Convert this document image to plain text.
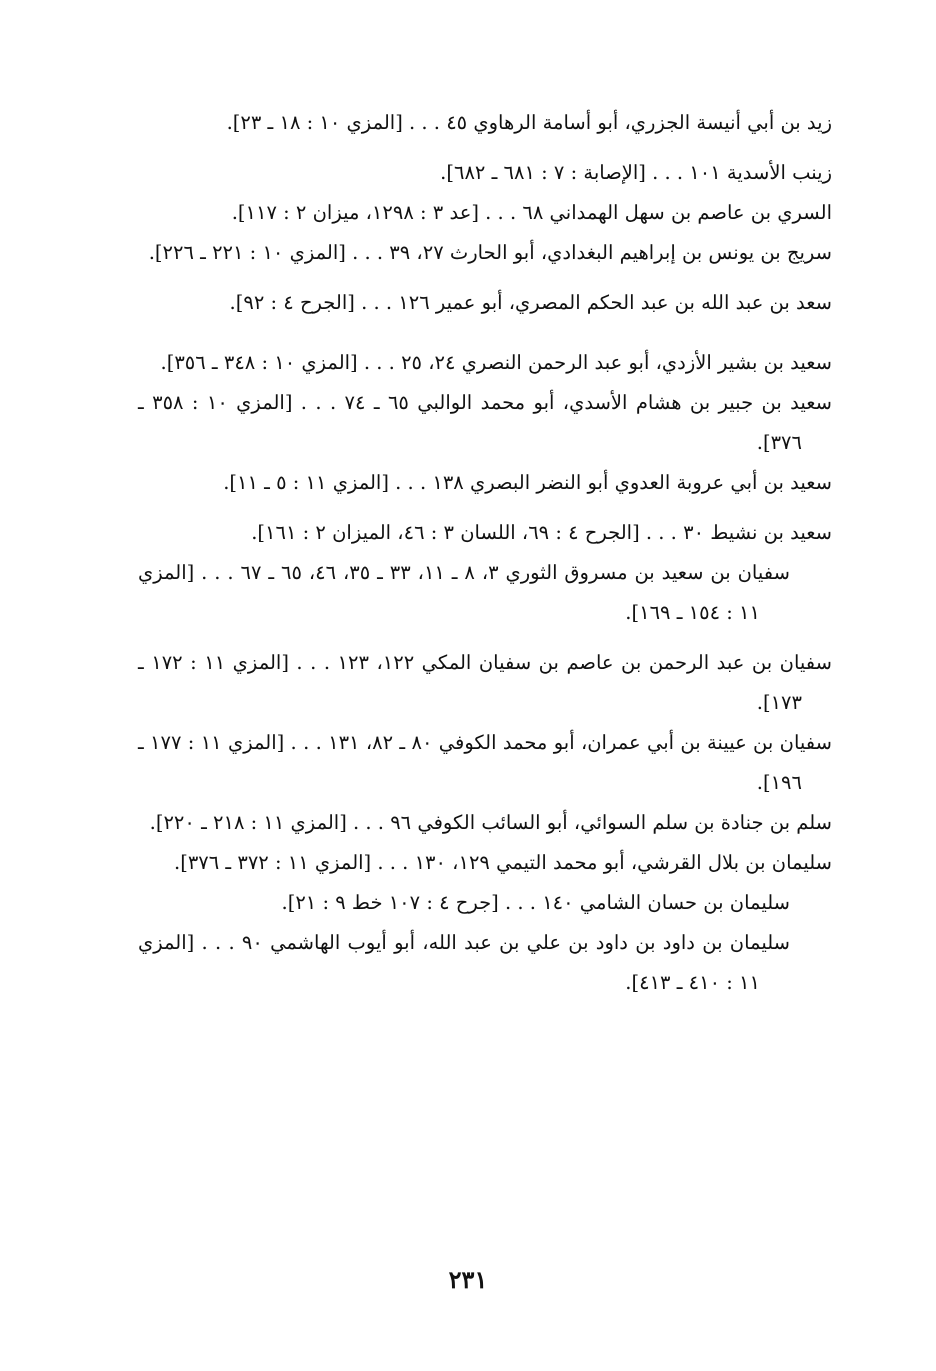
زيد بن أبي أنيسة الجزري، أبو أسامة الرهاوي ٤٥ . . . [المزي ١٠ : ١٨ ـ ٢٣].

زينب الأسدية ١٠١ . . . [الإصابة : ٧ : ٦٨١ ـ ٦٨٢].

السري بن عاصم بن سهل الهمداني ٦٨ . . . [عد ٣ : ١٢٩٨، ميزان ٢ : ١١٧].

سريج بن يونس بن إبراهيم البغدادي، أبو الحارث ٢٧، ٣٩ . . . [المزي ١٠ : ٢٢١ ـ ٢٢٦].

سعد بن عبد الله بن عبد الحكم المصري، أبو عمير ١٢٦ . . . [الجرح ٤ : ٩٢].

سعيد بن بشير الأزدي، أبو عبد الرحمن النصري ٢٤، ٢٥ . . . [المزي ١٠ : ٣٤٨ ـ ٣٥٦].

سعيد بن جبير بن هشام الأسدي، أبو محمد الوالبي ٦٥ ـ ٧٤ . . . [المزي ١٠ : ٣٥٨ ـ ٣٧٦].

سعيد بن أبي عروبة العدوي أبو النضر البصري ١٣٨ . . . [المزي ١١ : ٥ ـ ١١].

سعيد بن نشيط ٣٠ . . . [الجرح ٤ : ٦٩، اللسان ٣ : ٤٦، الميزان ٢ : ١٦١].

سفيان بن سعيد بن مسروق الثوري ٣، ٨ ـ ١١، ٣٣ ـ ٣٥، ٤٦، ٦٥ ـ ٦٧ . . . [المزي ١١ : ١٥٤ ـ ١٦٩].

سفيان بن عبد الرحمن بن عاصم بن سفيان المكي ١٢٢، ١٢٣ . . . [المزي ١١ : ١٧٢ ـ ١٧٣].

سفيان بن عيينة بن أبي عمران، أبو محمد الكوفي ٨٠ ـ ٨٢، ١٣١ . . . [المزي ١١ : ١٧٧ ـ ١٩٦].

سلم بن جنادة بن سلم السوائي، أبو السائب الكوفي ٩٦ . . . [المزي ١١ : ٢١٨ ـ ٢٢٠].

سليمان بن بلال القرشي، أبو محمد التيمي ١٢٩، ١٣٠ . . . [المزي ١١ : ٣٧٢ ـ ٣٧٦].

سليمان بن حسان الشامي ١٤٠ . . . [جرح ٤ : ١٠٧ خط ٩ : ٢١].

سليمان بن داود بن داود بن علي بن عبد الله، أبو أيوب الهاشمي ٩٠ . . . [المزي ١١ : ٤١٠ ـ ٤١٣].

٢٣١
